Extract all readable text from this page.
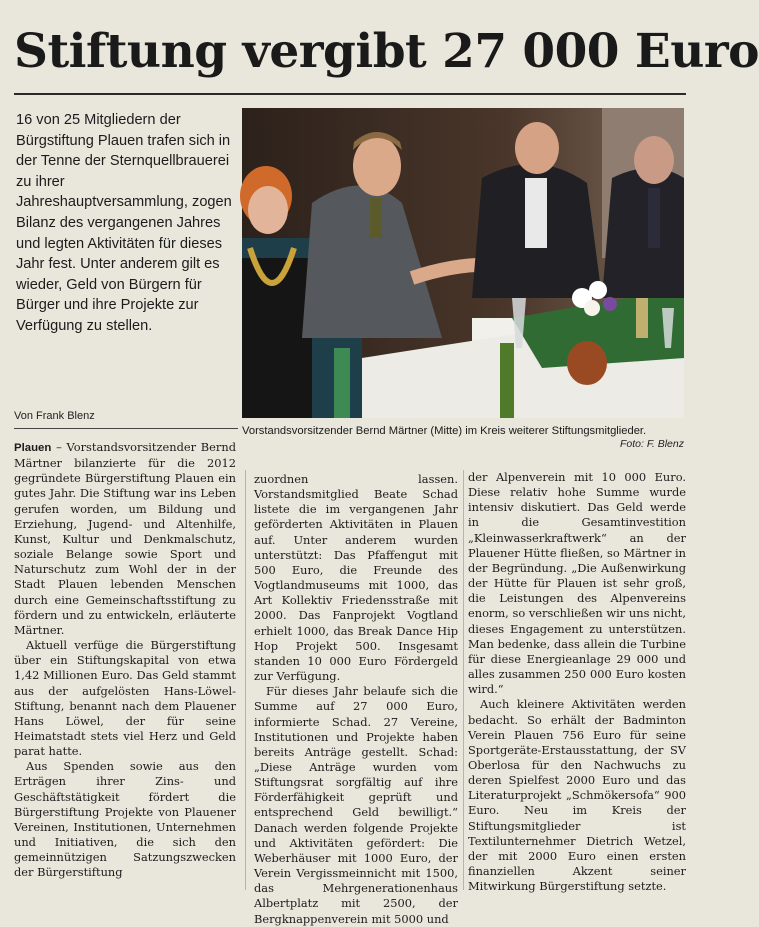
Stiftung vergibt 27 000 Euro
16 von 25 Mitgliedern der Bürgstiftung Plauen trafen sich in der Tenne der Sternquellbrauerei zu ihrer Jahreshauptversammlung, zogen Bilanz des vergangenen Jahres und legten Aktivitäten für dieses Jahr fest. Unter anderem gilt es wieder, Geld von Bürgern für Bürger und ihre Projekte zur Verfügung zu stellen.
Von Frank Blenz
Vorstandsvorsitzender Bernd Märtner (Mitte) im Kreis weiterer Stiftungsmitglieder.
Foto: F. Blenz

Plauen – Vorstandsvorsitzender Bernd Märtner bilanzierte für die 2012 gegründete Bürgerstiftung Plauen ein gutes Jahr. Die Stiftung war ins Leben gerufen worden, um Bildung und Erziehung, Jugend- und Altenhilfe, Kunst, Kultur und Denkmalschutz, soziale Belange sowie Sport und Naturschutz zum Wohl der in der Stadt Plauen lebenden Menschen durch eine Gemeinschaftsstiftung zu fördern und zu entwickeln, erläuterte Märtner.

Aktuell verfüge die Bürgerstiftung über ein Stiftungskapital von etwa 1,42 Millionen Euro. Das Geld stammt aus der aufgelösten Hans-Löwel-Stiftung, benannt nach dem Plauener Hans Löwel, der für seine Heimatstadt stets viel Herz und Geld parat hatte.

Aus Spenden sowie aus den Erträgen ihrer Zins- und Geschäftstätigkeit fördert die Bürgerstiftung Projekte von Plauener Vereinen, Institutionen, Unternehmen und Initiativen, die sich den gemeinnützigen Satzungszwecken der Bürgerstiftung

zuordnen lassen. Vorstandsmitglied Beate Schad listete die im vergangenen Jahr geförderten Aktivitäten in Plauen auf. Unter anderem wurden unterstützt: Das Pfaffengut mit 500 Euro, die Freunde des Vogtlandmuseums mit 1000, das Art Kollektiv Friedensstraße mit 2000. Das Fanprojekt Vogtland erhielt 1000, das Break Dance Hip Hop Projekt 500. Insgesamt standen 10 000 Euro Fördergeld zur Verfügung.

Für dieses Jahr belaufe sich die Summe auf 27 000 Euro, informierte Schad. 27 Vereine, Institutionen und Projekte haben bereits Anträge gestellt. Schad: „Diese Anträge wurden vom Stiftungsrat sorgfältig auf ihre Förderfähigkeit geprüft und entsprechend Geld bewilligt.“ Danach werden folgende Projekte und Aktivitäten gefördert: Die Weberhäuser mit 1000 Euro, der Verein Vergissmeinnicht mit 1500, das Mehrgenerationenhaus Albertplatz mit 2500, der Bergknappenverein mit 5000 und

der Alpenverein mit 10 000 Euro. Diese relativ hohe Summe wurde intensiv diskutiert. Das Geld werde in die Gesamtinvestition „Kleinwasserkraftwerk“ an der Plauener Hütte fließen, so Märtner in der Begründung. „Die Außenwirkung der Hütte für Plauen ist sehr groß, die Leistungen des Alpenvereins enorm, so verschließen wir uns nicht, dieses Engagement zu unterstützen. Man bedenke, dass allein die Turbine für diese Energieanlage 29 000 und alles zusammen 250 000 Euro kosten wird.“

Auch kleinere Aktivitäten werden bedacht. So erhält der Badminton Verein Plauen 756 Euro für seine Sportgeräte-Erstausstattung, der SV Oberlosa für den Nachwuchs zu deren Spielfest 2000 Euro und das Literaturprojekt „Schmökersofa“ 900 Euro. Neu im Kreis der Stiftungsmitglieder ist Textilunternehmer Dietrich Wetzel, der mit 2000 Euro einen ersten finanziellen Akzent seiner Mitwirkung Bürgerstiftung setzte.
